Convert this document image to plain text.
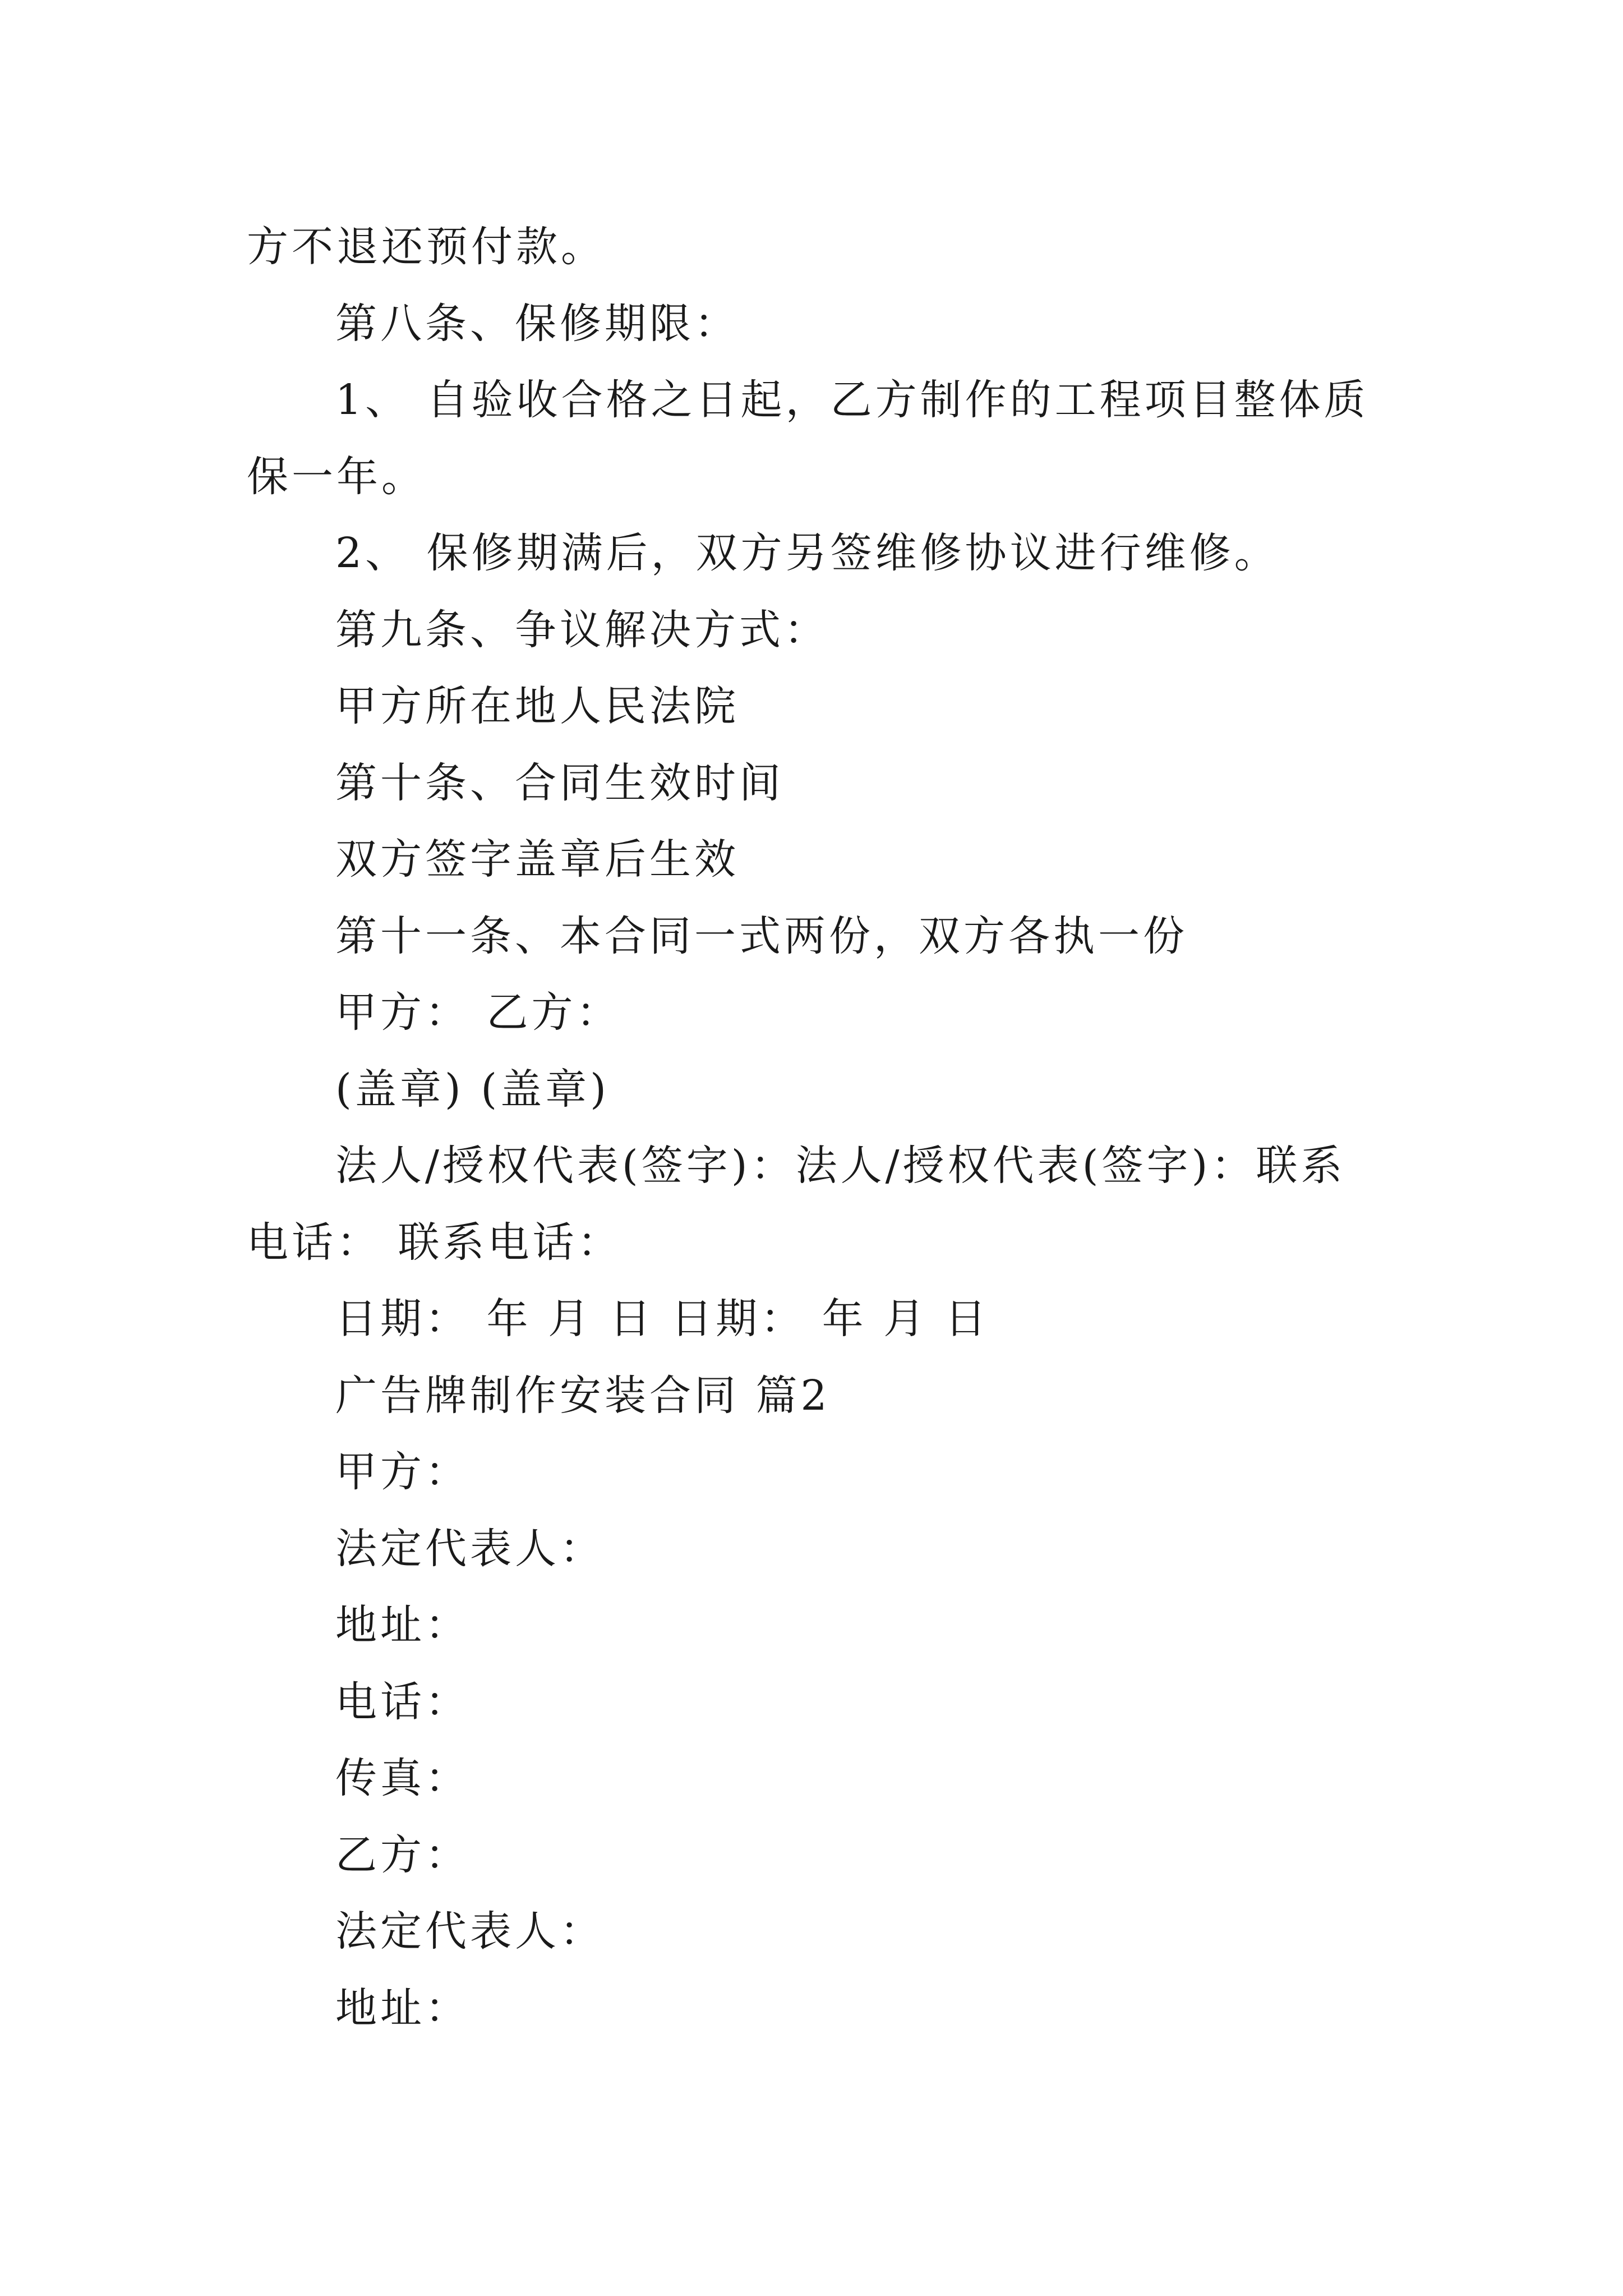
方不退还预付款。

第八条、保修期限：

1、 自验收合格之日起，乙方制作的工程项目整体质保一年。

2、 保修期满后，双方另签维修协议进行维修。

第九条、争议解决方式：

甲方所在地人民法院

第十条、合同生效时间

双方签字盖章后生效

第十一条、本合同一式两份，双方各执一份

甲方： 乙方：

(盖章) (盖章)

法人/授权代表(签字)：法人/授权代表(签字)：联系电话： 联系电话：

日期： 年 月 日 日期： 年 月 日

广告牌制作安装合同 篇2

甲方：

法定代表人：

地址：

电话：

传真：

乙方：

法定代表人：

地址：
